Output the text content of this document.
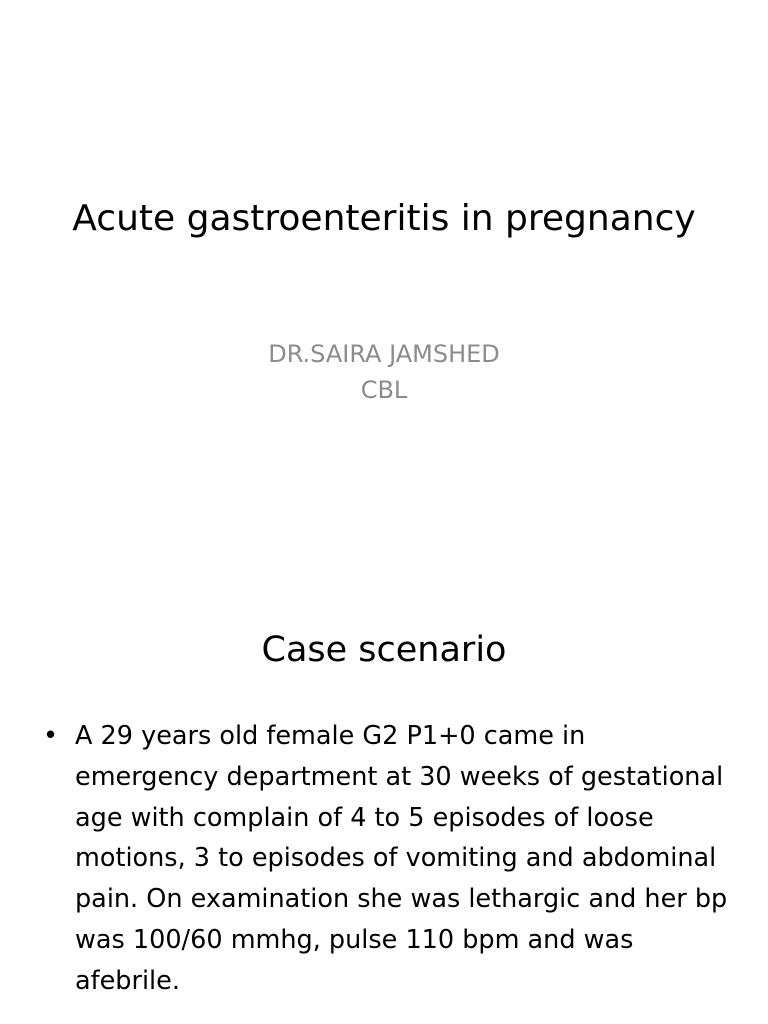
Acute gastroenteritis in pregnancy
DR.SAIRA JAMSHED
CBL
Case scenario
• A 29 years old female G2 P1+0 came in emergency department at 30 weeks of gestational age with complain of 4 to 5 episodes of loose motions, 3 to episodes of vomiting and abdominal pain. On examination she was lethargic and her bp was 100/60 mmhg, pulse 110 bpm and was afebrile.
